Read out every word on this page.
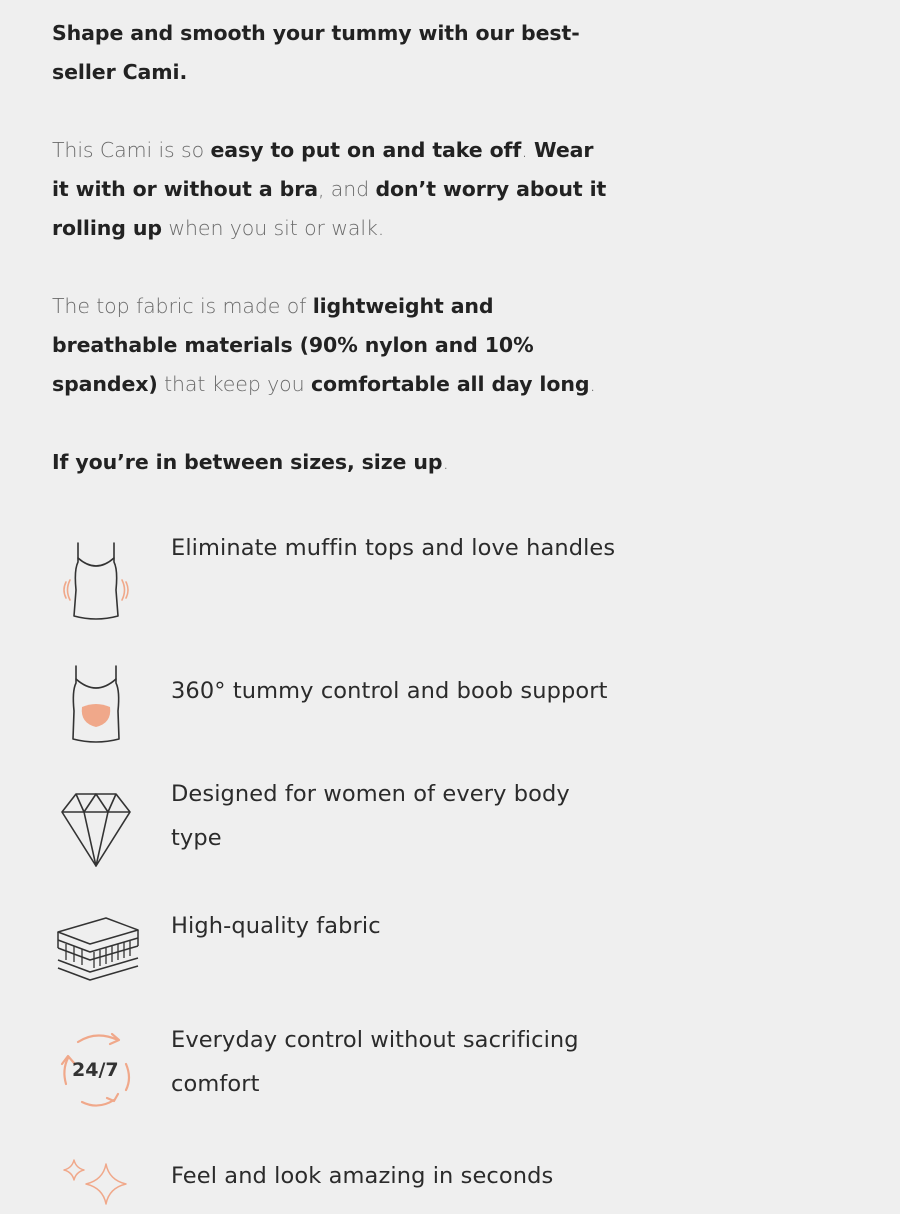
Shape and smooth your tummy with our best-seller Cami.

This Cami is so easy to put on and take off. Wear it with or without a bra, and don’t worry about it rolling up when you sit or walk.

The top fabric is made of lightweight and breathable materials (90% nylon and 10% spandex) that keep you comfortable all day long.

If you’re in between sizes, size up.

Eliminate muffin tops and love handles
360° tummy control and boob support
Designed for women of every body type
High-quality fabric
24/7
Everyday control without sacrificing comfort
Feel and look amazing in seconds
